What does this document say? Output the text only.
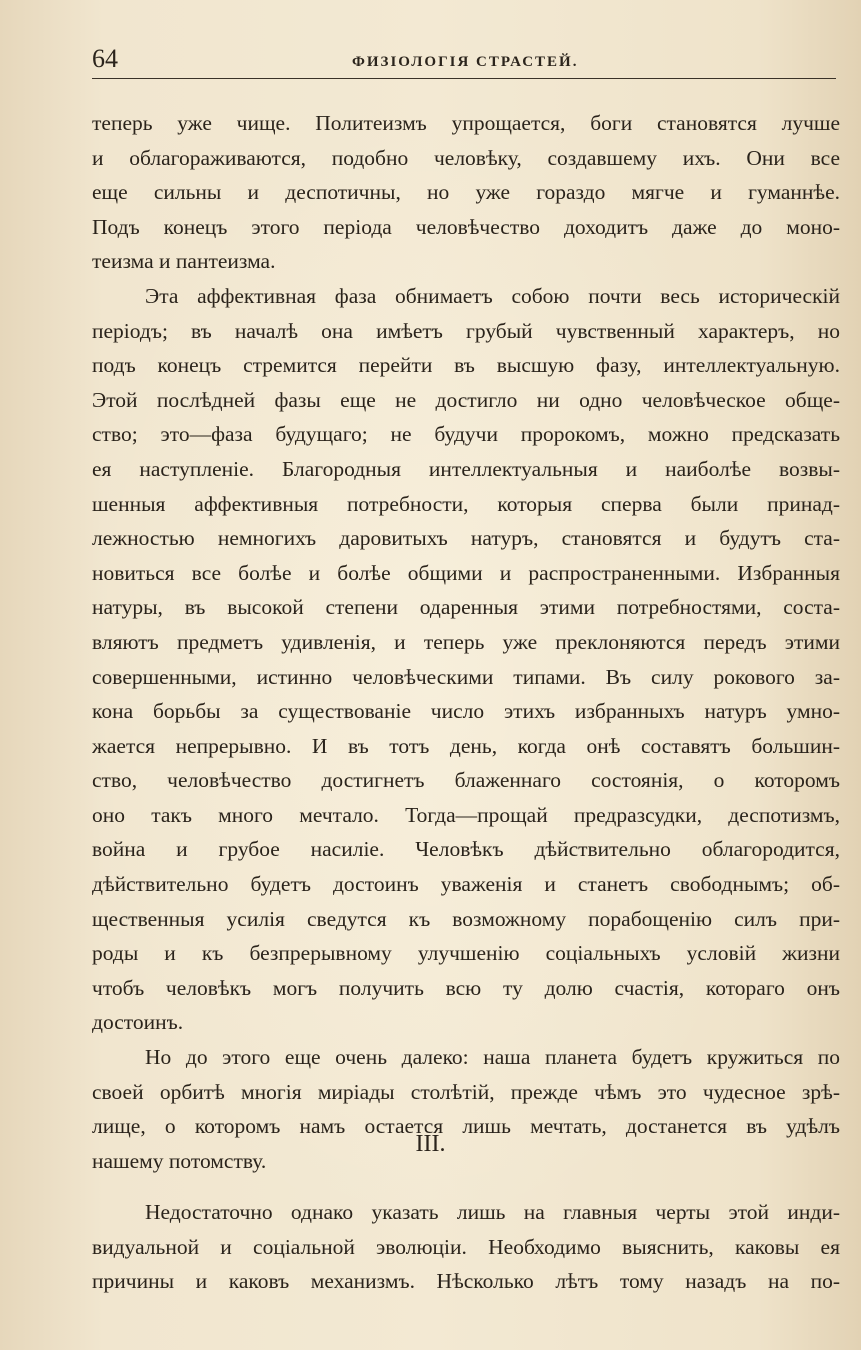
64	ФИЗІОЛОГІЯ СТРАСТЕЙ.
теперь уже чище. Политеизмъ упрощается, боги становятся лучше
и облагораживаются, подобно человѣку, создавшему ихъ. Они все
еще сильны и деспотичны, но уже гораздо мягче и гуманнѣе.
Подъ конецъ этого періода человѣчество доходитъ даже до моно-
теизма и пантеизма.
Эта аффективная фаза обнимаетъ собою почти весь историческій
періодъ; въ началѣ она имѣетъ грубый чувственный характеръ, но
подъ конецъ стремится перейти въ высшую фазу, интеллектуальную.
Этой послѣдней фазы еще не достигло ни одно человѣческое обще-
ство; это—фаза будущаго; не будучи пророкомъ, можно предсказать
ея наступленіе. Благородныя интеллектуальныя и наиболѣе возвы-
шенныя аффективныя потребности, которыя сперва были принад-
лежностью немногихъ даровитыхъ натуръ, становятся и будутъ ста-
новиться все болѣе и болѣе общими и распространенными. Избранныя
натуры, въ высокой степени одаренныя этими потребностями, соста-
вляютъ предметъ удивленія, и теперь уже преклоняются передъ этими
совершенными, истинно человѣческими типами. Въ силу рокового за-
кона борьбы за существованіе число этихъ избранныхъ натуръ умно-
жается непрерывно. И въ тотъ день, когда онѣ составятъ большин-
ство, человѣчество достигнетъ блаженнаго состоянія, о которомъ
оно такъ много мечтало. Тогда—прощай предразсудки, деспотизмъ,
война и грубое насиліе. Человѣкъ дѣйствительно облагородится,
дѣйствительно будетъ достоинъ уваженія и станетъ свободнымъ; об-
щественныя усилія сведутся къ возможному порабощенію силъ при-
роды и къ безпрерывному улучшенію соціальныхъ условій жизни
чтобъ человѣкъ могъ получить всю ту долю счастія, котораго онъ
достоинъ.
Но до этого еще очень далеко: наша планета будетъ кружиться по
своей орбитѣ многія миріады столѣтій, прежде чѣмъ это чудесное зрѣ-
лище, о которомъ намъ остается лишь мечтать, достанется въ удѣлъ
нашему потомству.
III.
Недостаточно однако указать лишь на главныя черты этой инди-
видуальной и соціальной эволюціи. Необходимо выяснить, каковы ея
причины и каковъ механизмъ. Нѣсколько лѣтъ тому назадъ на по-
